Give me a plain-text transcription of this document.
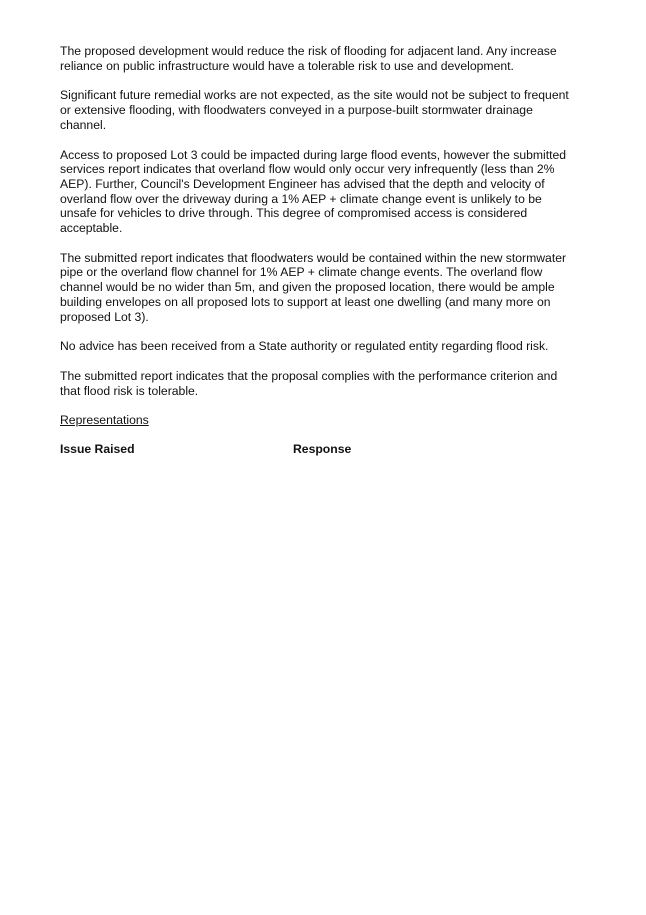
The proposed development would reduce the risk of flooding for adjacent land. Any increase
reliance on public infrastructure would have a tolerable risk to use and development.

Significant future remedial works are not expected, as the site would not be subject to frequent
or extensive flooding, with floodwaters conveyed in a purpose-built stormwater drainage
channel.

Access to proposed Lot 3 could be impacted during large flood events, however the submitted
services report indicates that overland flow would only occur very infrequently (less than 2%
AEP). Further, Council's Development Engineer has advised that the depth and velocity of
overland flow over the driveway during a 1% AEP + climate change event is unlikely to be
unsafe for vehicles to drive through. This degree of compromised access is considered
acceptable.

The submitted report indicates that floodwaters would be contained within the new stormwater
pipe or the overland flow channel for 1% AEP + climate change events. The overland flow
channel would be no wider than 5m, and given the proposed location, there would be ample
building envelopes on all proposed lots to support at least one dwelling (and many more on
proposed Lot 3).

No advice has been received from a State authority or regulated entity regarding flood risk.

The submitted report indicates that the proposal complies with the performance criterion and
that flood risk is tolerable.

Representations
Issue Raised	Response
